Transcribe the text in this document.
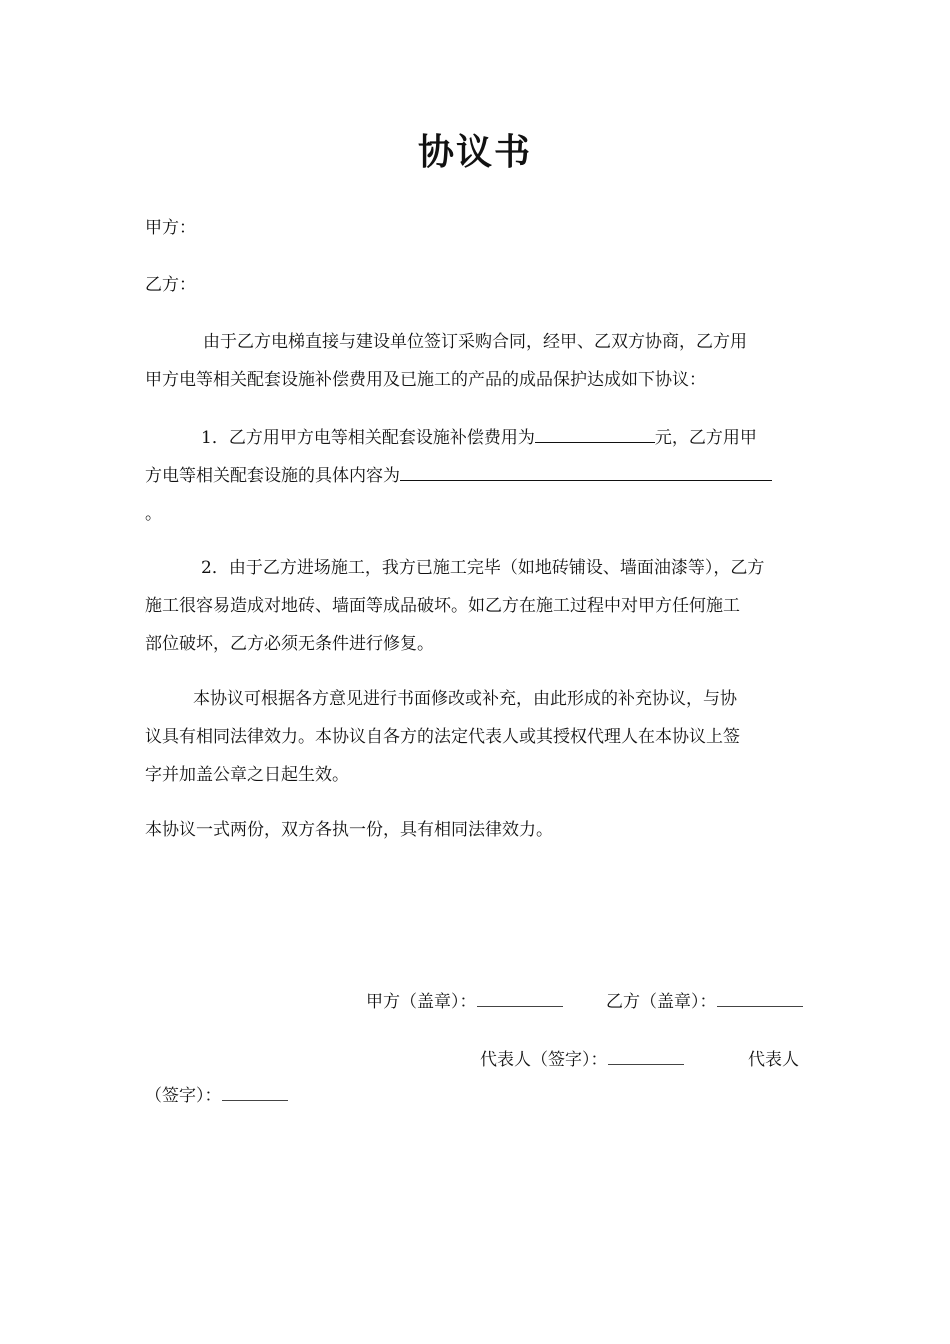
协议书

甲方：

乙方：

由于乙方电梯直接与建设单位签订采购合同，经甲、乙双方协商，乙方用

甲方电等相关配套设施补偿费用及已施工的产品的成品保护达成如下协议：

1．乙方用甲方电等相关配套设施补偿费用为	元，乙方用甲

方电等相关配套设施的具体内容为

。

2．由于乙方进场施工，我方已施工完毕（如地砖铺设、墙面油漆等），乙方

施工很容易造成对地砖、墙面等成品破坏。如乙方在施工过程中对甲方任何施工

部位破坏，乙方必须无条件进行修复。

本协议可根据各方意见进行书面修改或补充，由此形成的补充协议，与协

议具有相同法律效力。本协议自各方的法定代表人或其授权代理人在本协议上签

字并加盖公章之日起生效。

本协议一式两份，双方各执一份，具有相同法律效力。

甲方（盖章）：	乙方（盖章）：

代表人（签字）：	代表人

（签字）：
